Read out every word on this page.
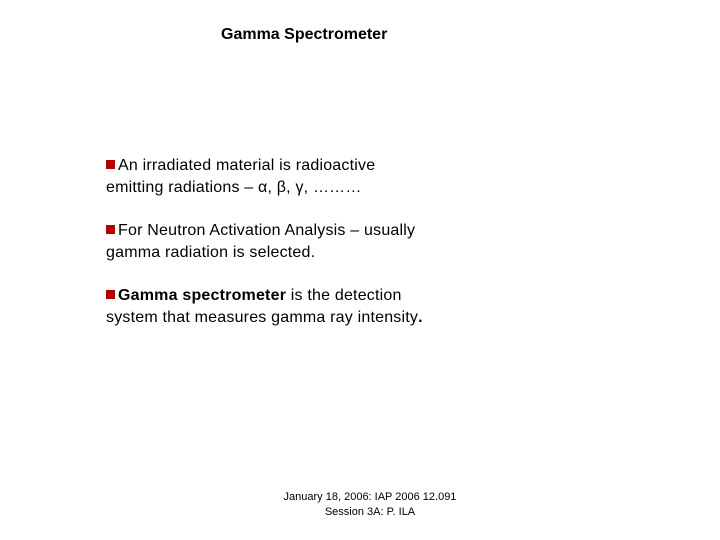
Gamma Spectrometer
An irradiated material is radioactive
emitting radiations – α, β, γ, ………
For Neutron Activation Analysis – usually
gamma radiation is selected.
Gamma spectrometer is the detection
system that measures gamma ray intensity.
January 18, 2006: IAP 2006 12.091
Session 3A: P. ILA
